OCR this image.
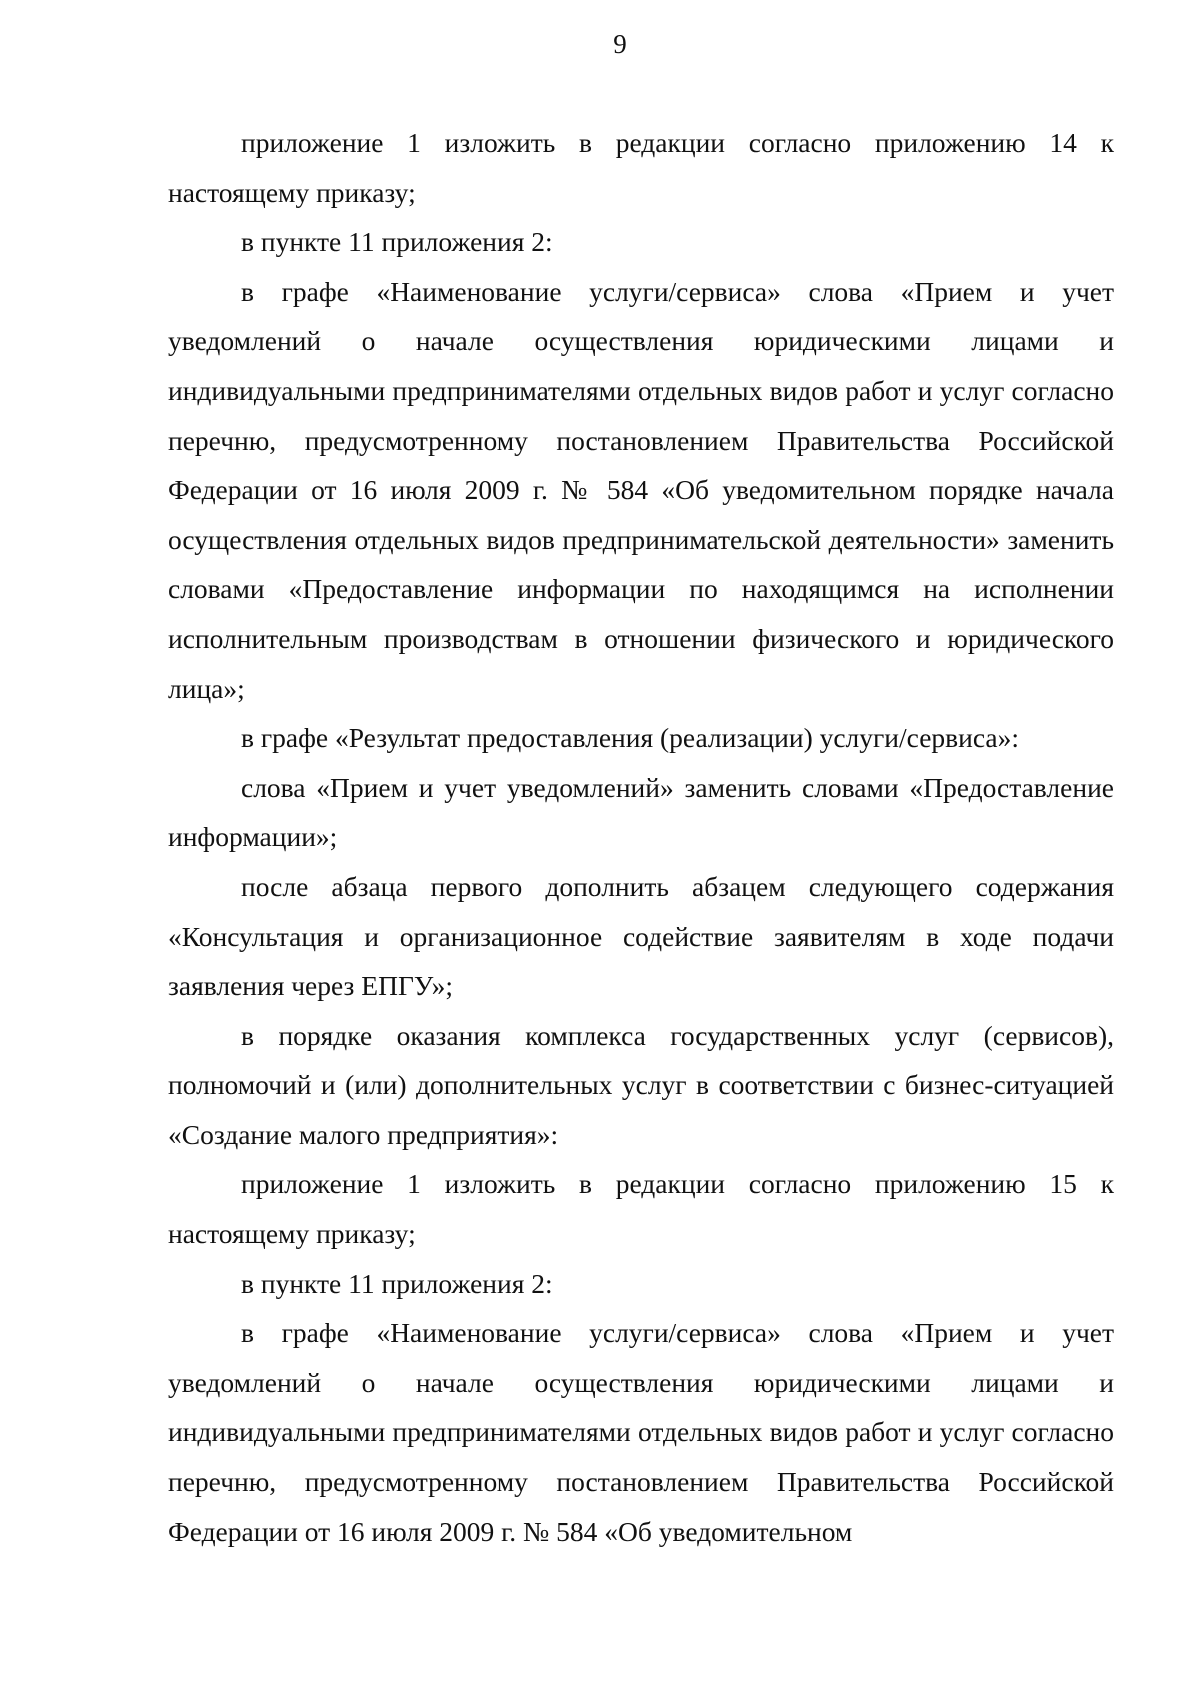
9

приложение 1 изложить в редакции согласно приложению 14 к настоящему приказу;

в пункте 11 приложения 2:

в графе «Наименование услуги/сервиса» слова «Прием и учет уведомлений о начале осуществления юридическими лицами и индивидуальными предпринимателями отдельных видов работ и услуг согласно перечню, предусмотренному постановлением Правительства Российской Федерации от 16 июля 2009 г. № 584 «Об уведомительном порядке начала осуществления отдельных видов предпринимательской деятельности» заменить словами «Предоставление информации по находящимся на исполнении исполнительным производствам в отношении физического и юридического лица»;

в графе «Результат предоставления (реализации) услуги/сервиса»:

слова «Прием и учет уведомлений» заменить словами «Предоставление информации»;

после абзаца первого дополнить абзацем следующего содержания «Консультация и организационное содействие заявителям в ходе подачи заявления через ЕПГУ»;

в порядке оказания комплекса государственных услуг (сервисов), полномочий и (или) дополнительных услуг в соответствии с бизнес-ситуацией «Создание малого предприятия»:

приложение 1 изложить в редакции согласно приложению 15 к настоящему приказу;

в пункте 11 приложения 2:

в графе «Наименование услуги/сервиса» слова «Прием и учет уведомлений о начале осуществления юридическими лицами и индивидуальными предпринимателями отдельных видов работ и услуг согласно перечню, предусмотренному постановлением Правительства Российской Федерации от 16 июля 2009 г. № 584 «Об уведомительном
